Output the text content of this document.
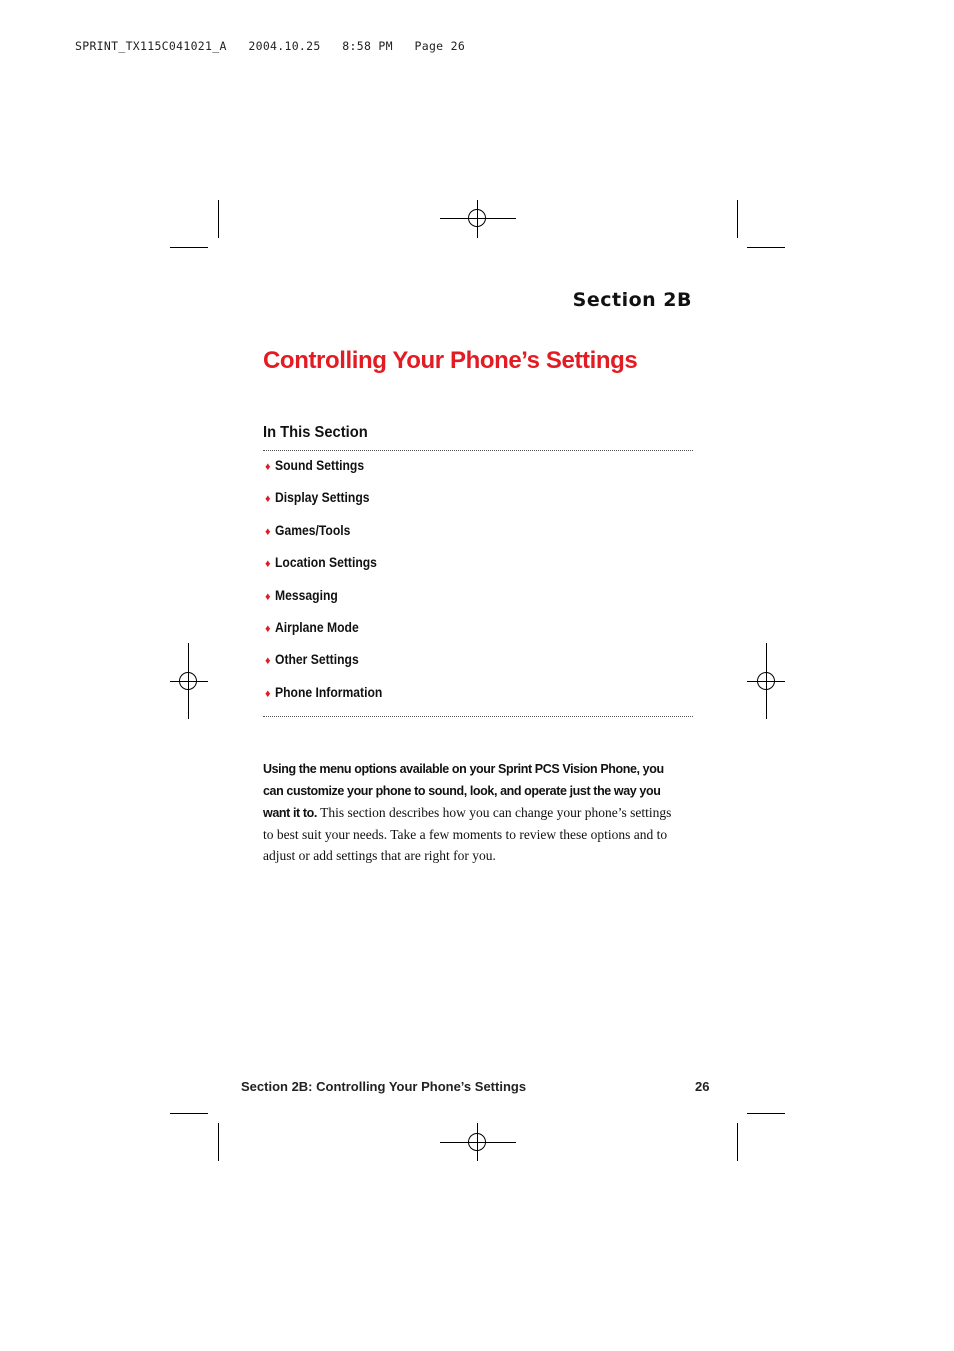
SPRINT_TX115C041021_A   2004.10.25   8:58 PM   Page 26
Section 2B
Controlling Your Phone’s Settings
In This Section
♦ Sound Settings
♦ Display Settings
♦ Games/Tools
♦ Location Settings
♦ Messaging
♦ Airplane Mode
♦ Other Settings
♦ Phone Information

Using the menu options available on your Sprint PCS Vision Phone, you can customize your phone to sound, look, and operate just the way you want it to. This section describes how you can change your phone’s settings to best suit your needs. Take a few moments to review these options and to adjust or add settings that are right for you.

Section 2B: Controlling Your Phone’s Settings	26
